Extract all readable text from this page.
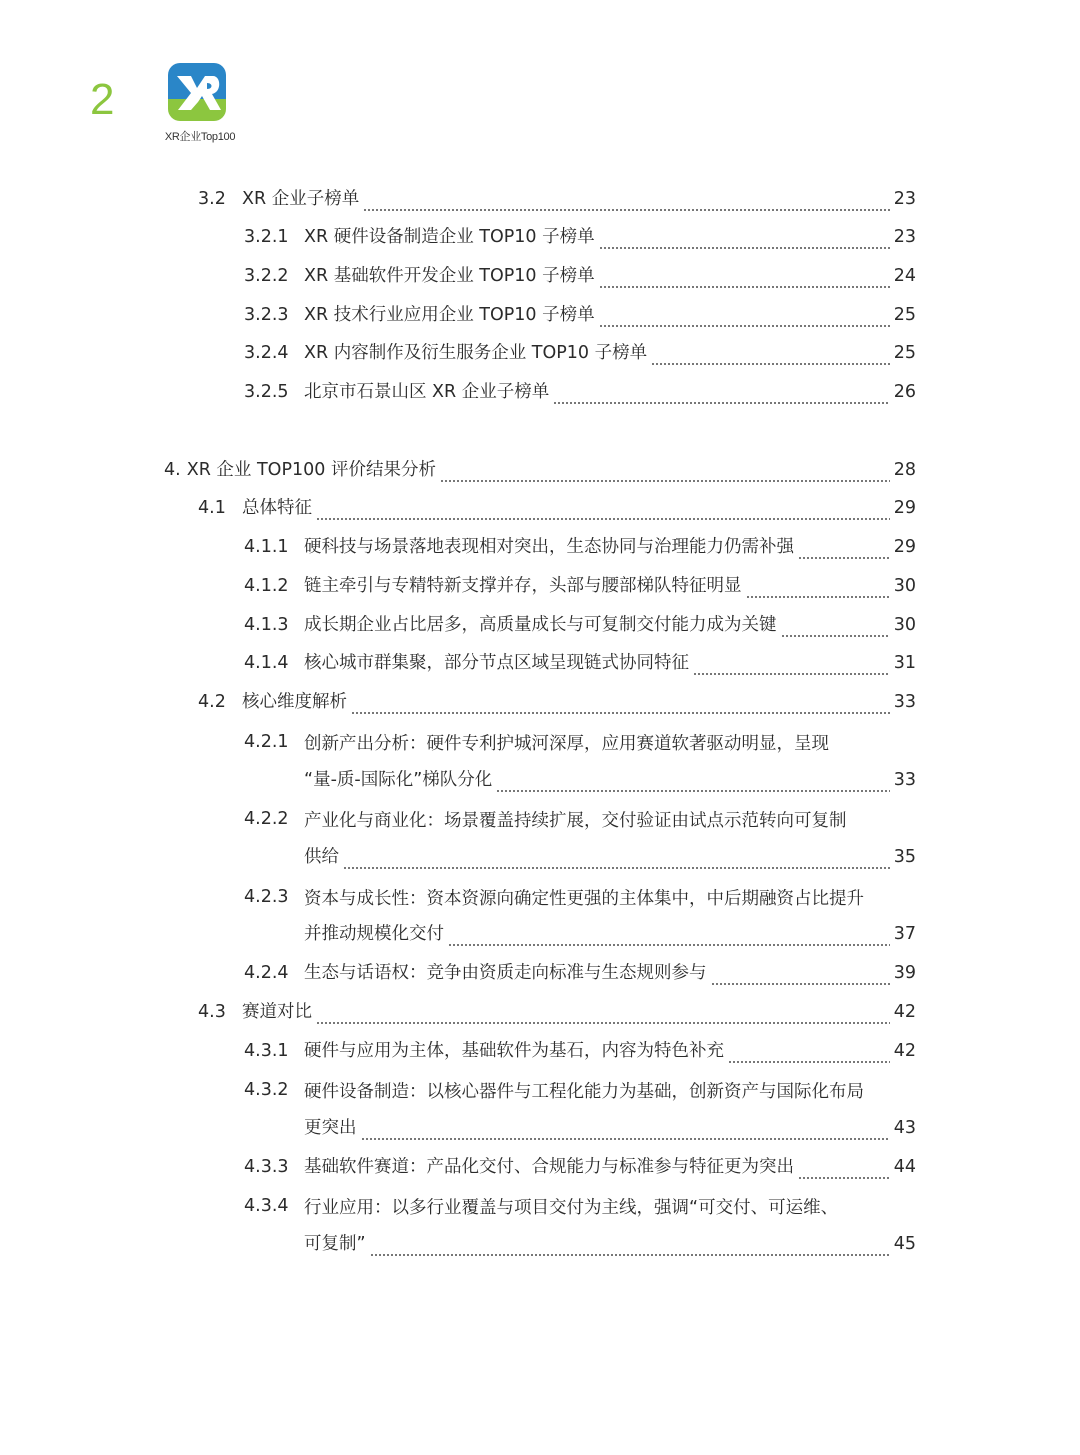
2
XR企业Top100
3.2 XR 企业子榜单	23
3.2.1 XR 硬件设备制造企业 TOP10 子榜单	23
3.2.2 XR 基础软件开发企业 TOP10 子榜单	24
3.2.3 XR 技术行业应用企业 TOP10 子榜单	25
3.2.4 XR 内容制作及衍生服务企业 TOP10 子榜单	25
3.2.5 北京市石景山区 XR 企业子榜单	26
4. XR 企业 TOP100 评价结果分析	28
4.1 总体特征	29
4.1.1 硬科技与场景落地表现相对突出，生态协同与治理能力仍需补强	29
4.1.2 链主牵引与专精特新支撑并存，头部与腰部梯队特征明显	30
4.1.3 成长期企业占比居多，高质量成长与可复制交付能力成为关键	30
4.1.4 核心城市群集聚，部分节点区域呈现链式协同特征	31
4.2 核心维度解析	33
4.2.1 创新产出分析：硬件专利护城河深厚，应用赛道软著驱动明显，呈现
“量-质-国际化”梯队分化	33
4.2.2 产业化与商业化：场景覆盖持续扩展，交付验证由试点示范转向可复制
供给	35
4.2.3 资本与成长性：资本资源向确定性更强的主体集中，中后期融资占比提升
并推动规模化交付	37
4.2.4 生态与话语权：竞争由资质走向标准与生态规则参与	39
4.3 赛道对比	42
4.3.1 硬件与应用为主体，基础软件为基石，内容为特色补充	42
4.3.2 硬件设备制造：以核心器件与工程化能力为基础，创新资产与国际化布局
更突出	43
4.3.3 基础软件赛道：产品化交付、合规能力与标准参与特征更为突出	44
4.3.4 行业应用：以多行业覆盖与项目交付为主线，强调“可交付、可运维、
可复制”	45
